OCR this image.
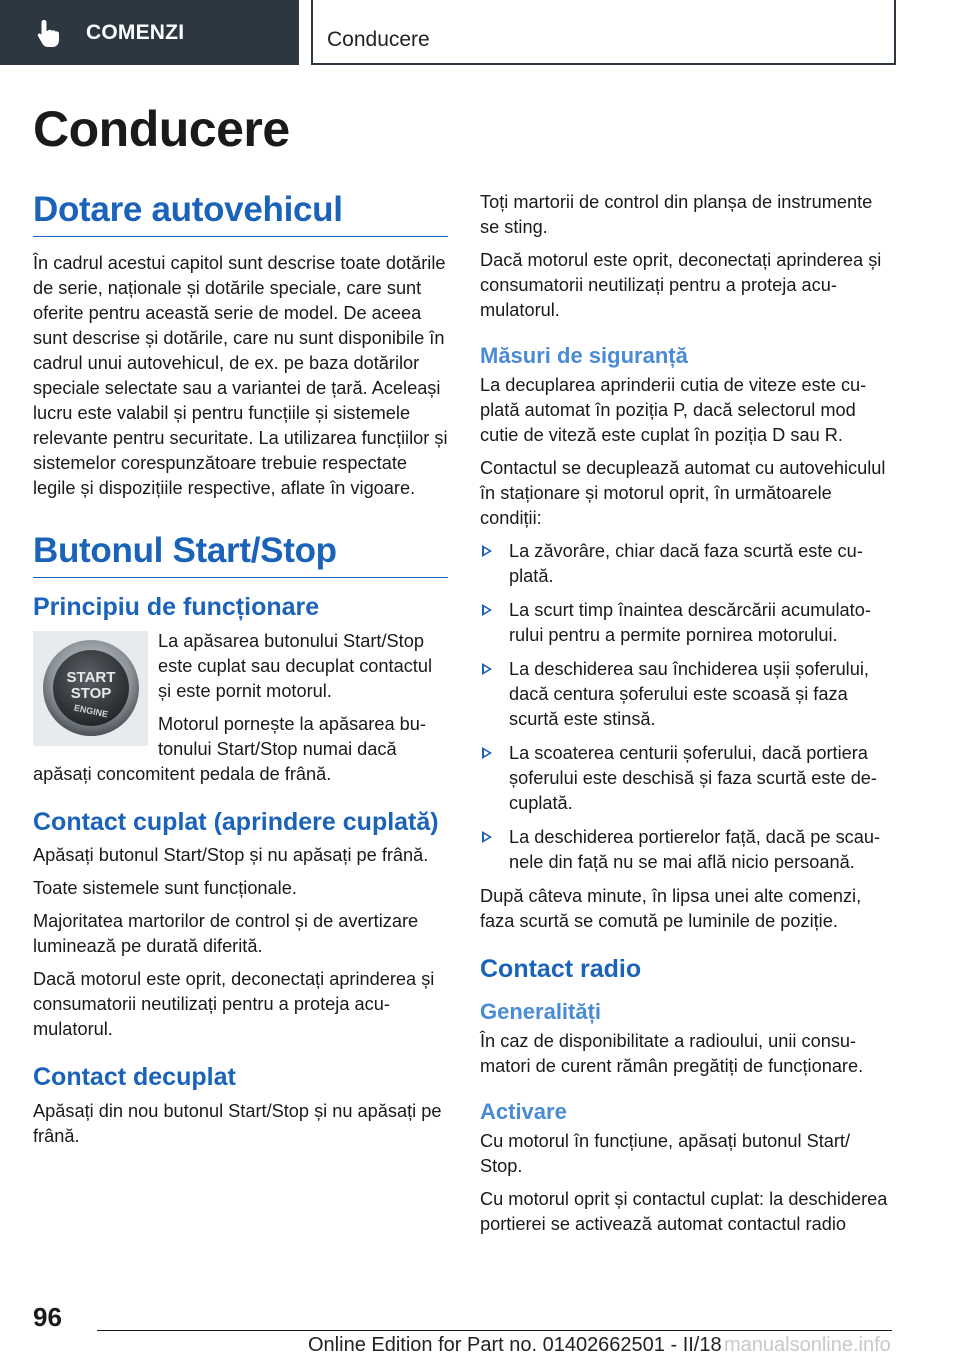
COMENZI	Conducere
Conducere
Dotare autovehicul

În cadrul acestui capitol sunt descrise toate dotările de serie, naționale și dotările speciale, care sunt oferite pentru această serie de model. De aceea sunt descrise și dotările, care nu sunt disponibile în cadrul unui autovehicul, de ex. pe baza dotărilor speciale selectate sau a variantei de țară. Aceleași lucru este valabil și pentru funcțiile și sistemele relevante pentru securitate. La utilizarea funcțiilor și sistemelor corespunzătoare trebuie respectate legile și dispozițiile respective, aflate în vigoare.

Butonul Start/Stop
Principiu de funcționare
START
STOP
ENGINE

La apăsarea butonului Start/Stop este cuplat sau decuplat contactul și este pornit motorul.

Motorul pornește la apăsarea butonului Start/Stop numai dacă apăsați concomitent pedala de frână.

Contact cuplat (aprindere cuplată)

Apăsați butonul Start/Stop și nu apăsați pe frână.

Toate sistemele sunt funcționale.

Majoritatea martorilor de control și de avertizare luminează pe durată diferită.

Dacă motorul este oprit, deconectați aprinderea și consumatorii neutilizați pentru a proteja acumulatorul.

Contact decuplat

Apăsați din nou butonul Start/Stop și nu apăsați pe frână.

Toți martorii de control din planșa de instrumente se sting.

Dacă motorul este oprit, deconectați aprinderea și consumatorii neutilizați pentru a proteja acumulatorul.

Măsuri de siguranță

La decuplarea aprinderii cutia de viteze este cuplată automat în poziția P, dacă selectorul mod cutie de viteză este cuplat în poziția D sau R.

Contactul se decuplează automat cu autovehiculul în staționare și motorul oprit, în următoarele condiții:

La zăvorâre, chiar dacă faza scurtă este cuplată.
La scurt timp înaintea descărcării acumulatorului pentru a permite pornirea motorului.
La deschiderea sau închiderea ușii șoferului, dacă centura șoferului este scoasă și faza scurtă este stinsă.
La scoaterea centurii șoferului, dacă portiera șoferului este deschisă și faza scurtă este decuplată.
La deschiderea portierelor față, dacă pe scaunele din față nu se mai află nicio persoană.

După câteva minute, în lipsa unei alte comenzi, faza scurtă se comută pe luminile de poziție.

Contact radio
Generalități

În caz de disponibilitate a radioului, unii consumatori de curent rămân pregătiți de funcționare.

Activare

Cu motorul în funcțiune, apăsați butonul Start/ Stop.

Cu motorul oprit și contactul cuplat: la deschiderea portierei se activează automat contactul radio

96
Online Edition for Part no. 01402662501 - II/18 manualsonline.info
